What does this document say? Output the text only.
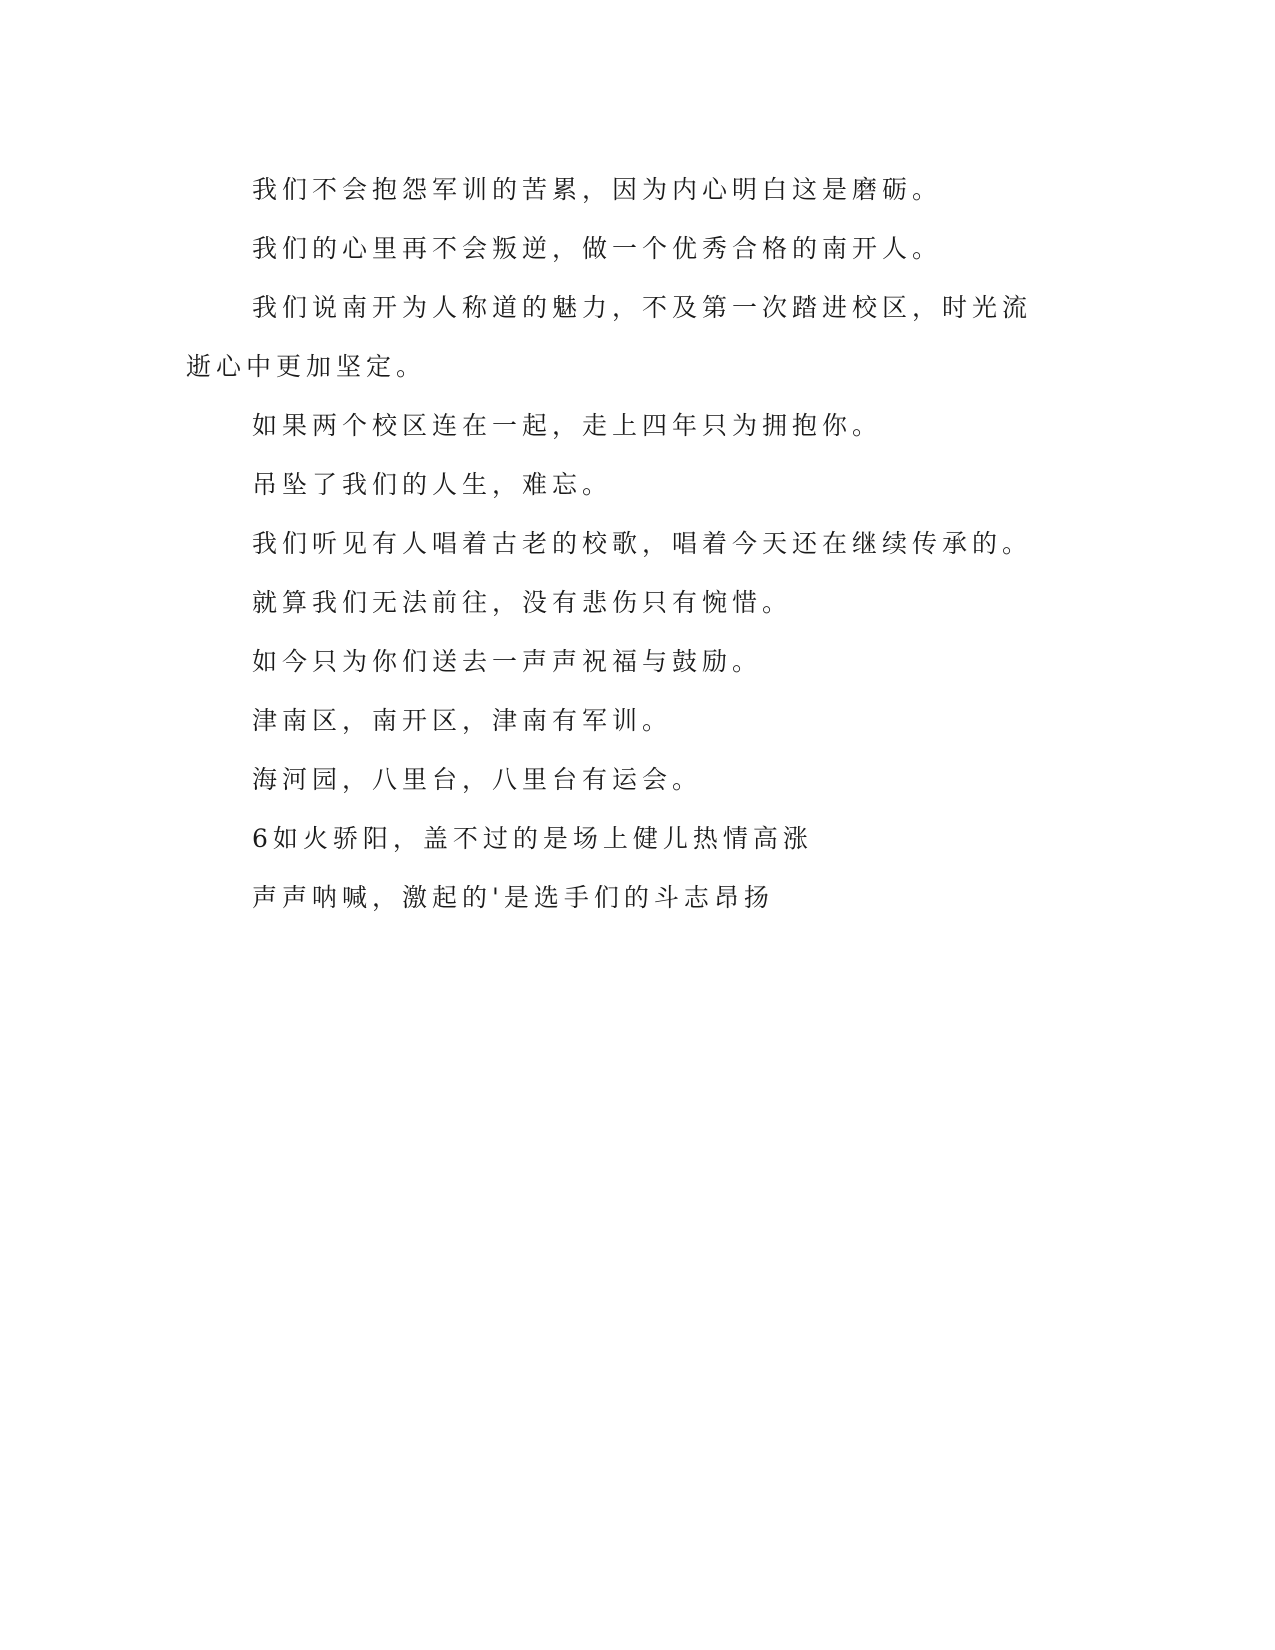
我们不会抱怨军训的苦累，因为内心明白这是磨砺。

我们的心里再不会叛逆，做一个优秀合格的南开人。

我们说南开为人称道的魅力，不及第一次踏进校区，时光流逝心中更加坚定。

如果两个校区连在一起，走上四年只为拥抱你。

吊坠了我们的人生，难忘。

我们听见有人唱着古老的校歌，唱着今天还在继续传承的。

就算我们无法前往，没有悲伤只有惋惜。

如今只为你们送去一声声祝福与鼓励。

津南区，南开区，津南有军训。

海河园，八里台，八里台有运会。

6如火骄阳，盖不过的是场上健儿热情高涨

声声呐喊，激起的'是选手们的斗志昂扬
